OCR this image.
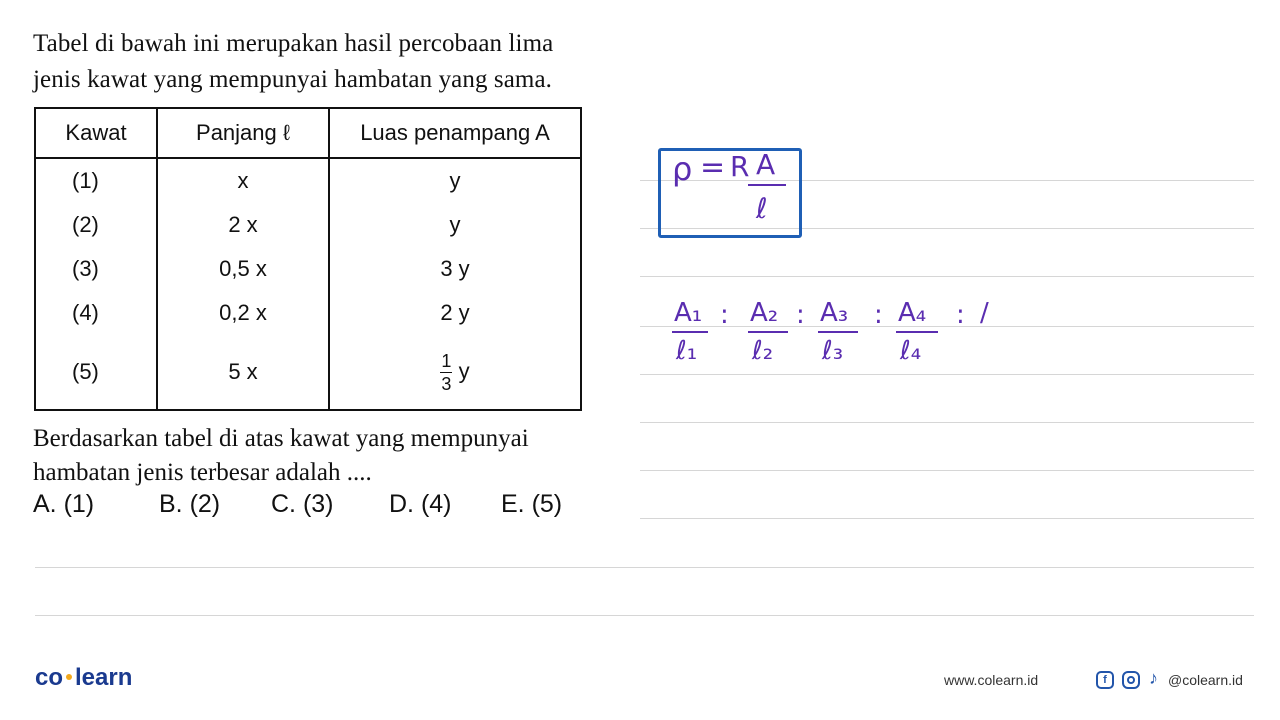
Tabel di bawah ini merupakan hasil percobaan lima
jenis kawat yang mempunyai hambatan yang sama.
Kawat	Panjang ℓ	Luas penampang A
(1)	x	y
(2)	2 x	y
(3)	0,5 x	3 y
(4)	0,2 x	2 y
(5)	5 x	$\frac{1}{3}$ y
Berdasarkan tabel di atas kawat yang mempunyai
hambatan jenis terbesar adalah ....
A. (1)	B. (2) C. (3) D. (4) E. (5)
ρ = R A
ℓ
A₁
ℓ₁
: A₂
ℓ₂
: A₃
ℓ₃
: A₄
ℓ₄
: /
co learn	www.colearn.id	f	♪ @colearn.id
